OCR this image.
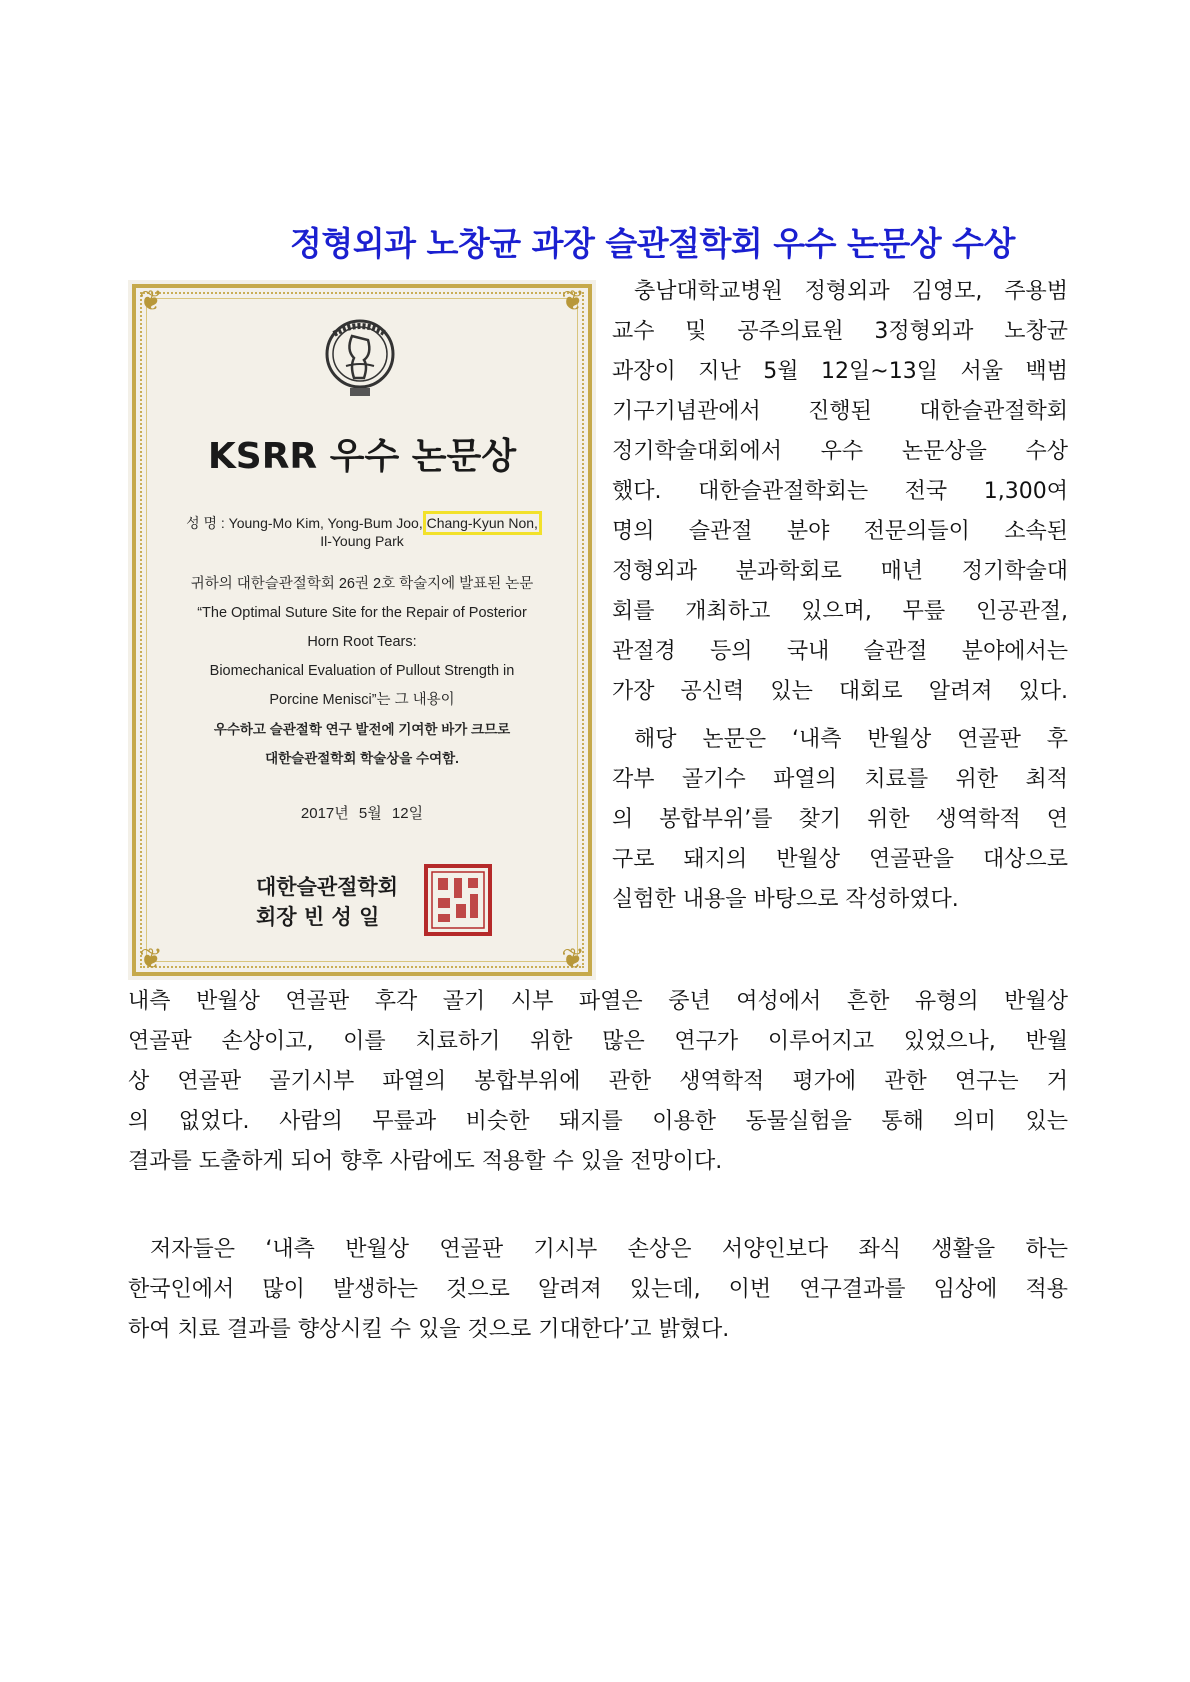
정형외과 노창균 과장 슬관절학회 우수 논문상 수상
❦	❦
❦	❦
KSRR 우수 논문상
성 명 : Young-Mo Kim, Yong-Bum Joo, Chang-Kyun Non,
Il-Young Park
귀하의 대한슬관절학회 26권 2호 학술지에 발표된 논문
“The Optimal Suture Site for the Repair of Posterior
Horn Root Tears:
Biomechanical Evaluation of Pullout Strength in
Porcine Menisci”는 그 내용이
우수하고 슬관절학 연구 발전에 기여한 바가 크므로
대한슬관절학회 학술상을 수여함.
2017년 5월 12일
대한슬관절학회
회장 빈 성 일
충남대학교병원 정형외과 김영모, 주용범
교수 및 공주의료원 3정형외과 노창균
과장이 지난 5월 12일~13일 서울 백범
기구기념관에서 진행된 대한슬관절학회
정기학술대회에서 우수 논문상을 수상
했다. 대한슬관절학회는 전국 1,300여
명의 슬관절 분야 전문의들이 소속된
정형외과 분과학회로 매년 정기학술대
회를 개최하고 있으며, 무릎 인공관절,
관절경 등의 국내 슬관절 분야에서는
가장 공신력 있는 대회로 알려져 있다.
해당 논문은 ‘내측 반월상 연골판 후
각부 골기수 파열의 치료를 위한 최적
의 봉합부위’를 찾기 위한 생역학적 연
구로 돼지의 반월상 연골판을 대상으로
실험한 내용을 바탕으로 작성하였다.
내측 반월상 연골판 후각 골기 시부 파열은 중년 여성에서 흔한 유형의 반월상
연골판 손상이고, 이를 치료하기 위한 많은 연구가 이루어지고 있었으나, 반월
상 연골판 골기시부 파열의 봉합부위에 관한 생역학적 평가에 관한 연구는 거
의 없었다. 사람의 무릎과 비슷한 돼지를 이용한 동물실험을 통해 의미 있는
결과를 도출하게 되어 향후 사람에도 적용할 수 있을 전망이다.
저자들은 ‘내측 반월상 연골판 기시부 손상은 서양인보다 좌식 생활을 하는
한국인에서 많이 발생하는 것으로 알려져 있는데, 이번 연구결과를 임상에 적용
하여 치료 결과를 향상시킬 수 있을 것으로 기대한다’고 밝혔다.
